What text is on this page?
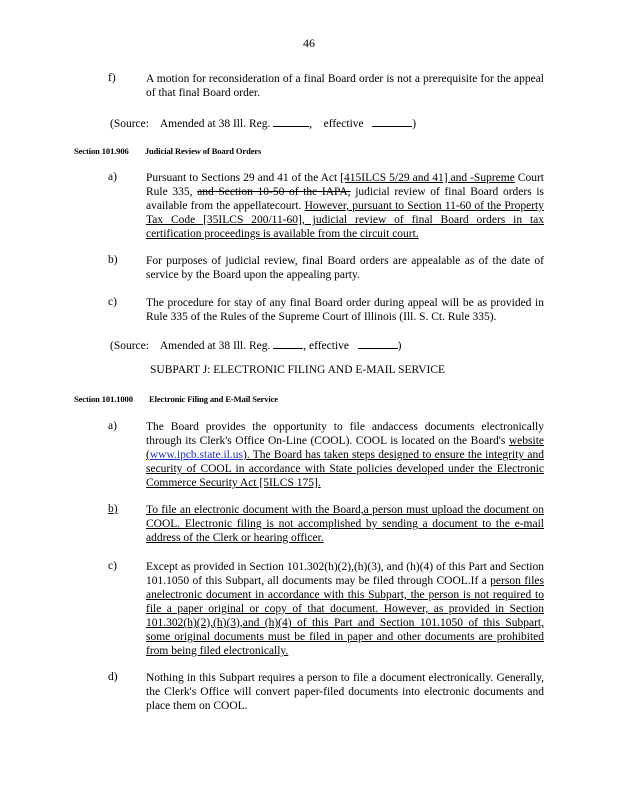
46
f)	A motion for reconsideration of a final Board order is not a prerequisite for the appeal of that final Board order.
(Source: Amended at 38 Ill. Reg.	,    effective	)
Section 101.906 Judicial Review of Board Orders
a)	Pursuant to Sections 29 and 41 of the Act [415ILCS 5/29 and 41] and -Supreme Court Rule 335, and Section 10-50 of the IAPA, judicial review of final Board orders is available from the appellatecourt. However, pursuant to Section 11-60 of the Property Tax Code [35ILCS 200/11-60], judicial review of final Board orders in tax certification proceedings is available from the circuit court.
b) For purposes of judicial review, final Board orders are appealable as of the date of service by the Board upon the appealing party.
c)	The procedure for stay of any final Board order during appeal will be as provided in Rule 335 of the Rules of the Supreme Court of Illinois (Ill. S. Ct. Rule 335).
(Source: Amended at 38 Ill. Reg.	, effective	)
SUBPART J: ELECTRONIC FILING AND E-MAIL SERVICE
Section 101.1000 Electronic Filing and E-Mail Service
a)	The Board provides the opportunity to file andaccess documents electronically through its Clerk's Office On-Line (COOL). COOL is located on the Board's website (www.ipcb.state.il.us). The Board has taken steps designed to ensure the integrity and security of COOL in accordance with State policies developed under the Electronic Commerce Security Act [5ILCS 175].
b) To file an electronic document with the Board,a person must upload the document on COOL. Electronic filing is not accomplished by sending a document to the e-mail address of the Clerk or hearing officer.
c)	Except as provided in Section 101.302(h)(2),(h)(3), and (h)(4) of this Part and Section 101.1050 of this Subpart, all documents may be filed through COOL.If a person files anelectronic document in accordance with this Subpart, the person is not required to file a paper original or copy of that document. However, as provided in Section 101.302(h)(2),(h)(3),and (h)(4) of this Part and Section 101.1050 of this Subpart, some original documents must be filed in paper and other documents are prohibited from being filed electronically.
d) Nothing in this Subpart requires a person to file a document electronically. Generally, the Clerk's Office will convert paper-filed documents into electronic documents and place them on COOL.
